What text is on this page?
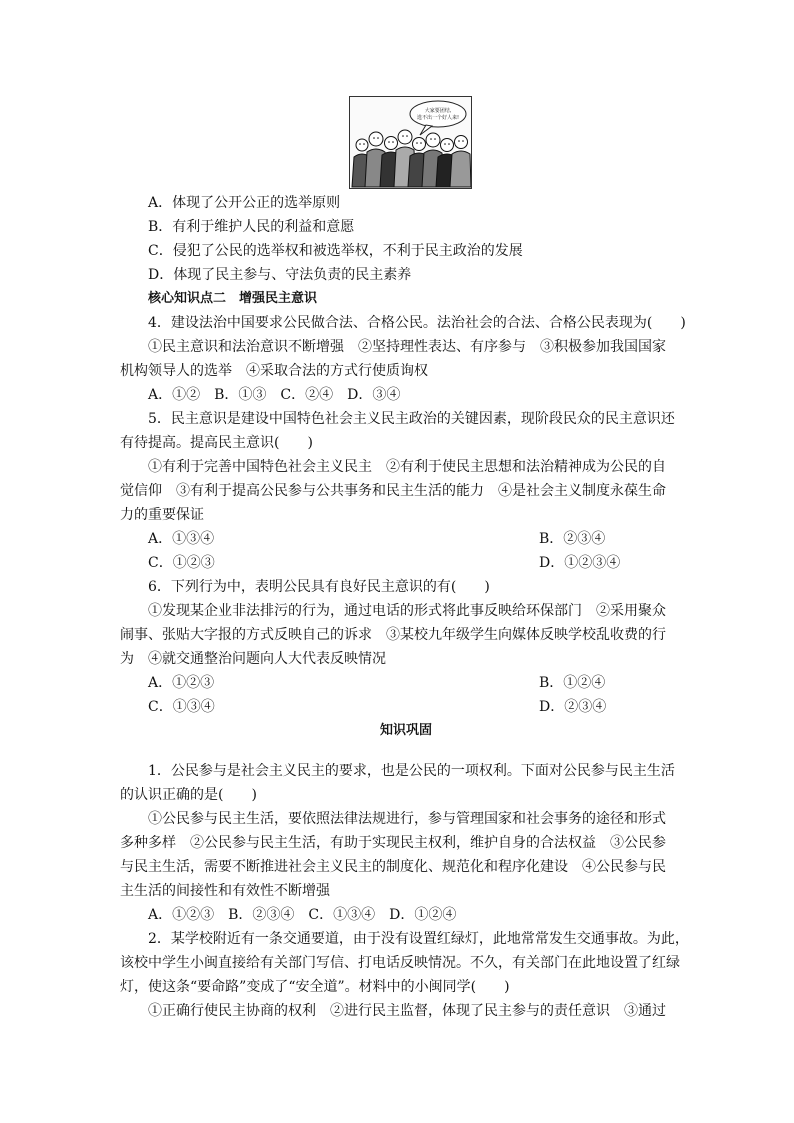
大家要团结,
选不出一个好人来!
A．体现了公开公正的选举原则
B．有利于维护人民的利益和意愿
C．侵犯了公民的选举权和被选举权，不利于民主政治的发展
D．体现了民主参与、守法负责的民主素养
核心知识点二　增强民主意识
4．建设法治中国要求公民做合法、合格公民。法治社会的合法、合格公民表现为(　　)
①民主意识和法治意识不断增强　②坚持理性表达、有序参与　③积极参加我国国家
机构领导人的选举　④采取合法的方式行使质询权
A．①②　B．①③　C．②④　D．③④
5．民主意识是建设中国特色社会主义民主政治的关键因素，现阶段民众的民主意识还
有待提高。提高民主意识(　　)
①有利于完善中国特色社会主义民主　②有利于使民主思想和法治精神成为公民的自
觉信仰　③有利于提高公民参与公共事务和民主生活的能力　④是社会主义制度永葆生命
力的重要保证
A．①③④	B．②③④
C．①②③	D．①②③④
6．下列行为中，表明公民具有良好民主意识的有(　　)
①发现某企业非法排污的行为，通过电话的形式将此事反映给环保部门　②采用聚众
闹事、张贴大字报的方式反映自己的诉求　③某校九年级学生向媒体反映学校乱收费的行
为　④就交通整治问题向人大代表反映情况
A．①②③	B．①②④
C．①③④	D．②③④
知识巩固
1．公民参与是社会主义民主的要求，也是公民的一项权利。下面对公民参与民主生活
的认识正确的是(　　)
①公民参与民主生活，要依照法律法规进行，参与管理国家和社会事务的途径和形式
多种多样　②公民参与民主生活，有助于实现民主权利，维护自身的合法权益　③公民参
与民主生活，需要不断推进社会主义民主的制度化、规范化和程序化建设　④公民参与民
主生活的间接性和有效性不断增强
A．①②③　B．②③④　C．①③④　D．①②④
2．某学校附近有一条交通要道，由于没有设置红绿灯，此地常常发生交通事故。为此，
该校中学生小闽直接给有关部门写信、打电话反映情况。不久，有关部门在此地设置了红绿
灯，使这条“要命路”变成了“安全道”。材料中的小闽同学(　　)
①正确行使民主协商的权利　②进行民主监督，体现了民主参与的责任意识　③通过
